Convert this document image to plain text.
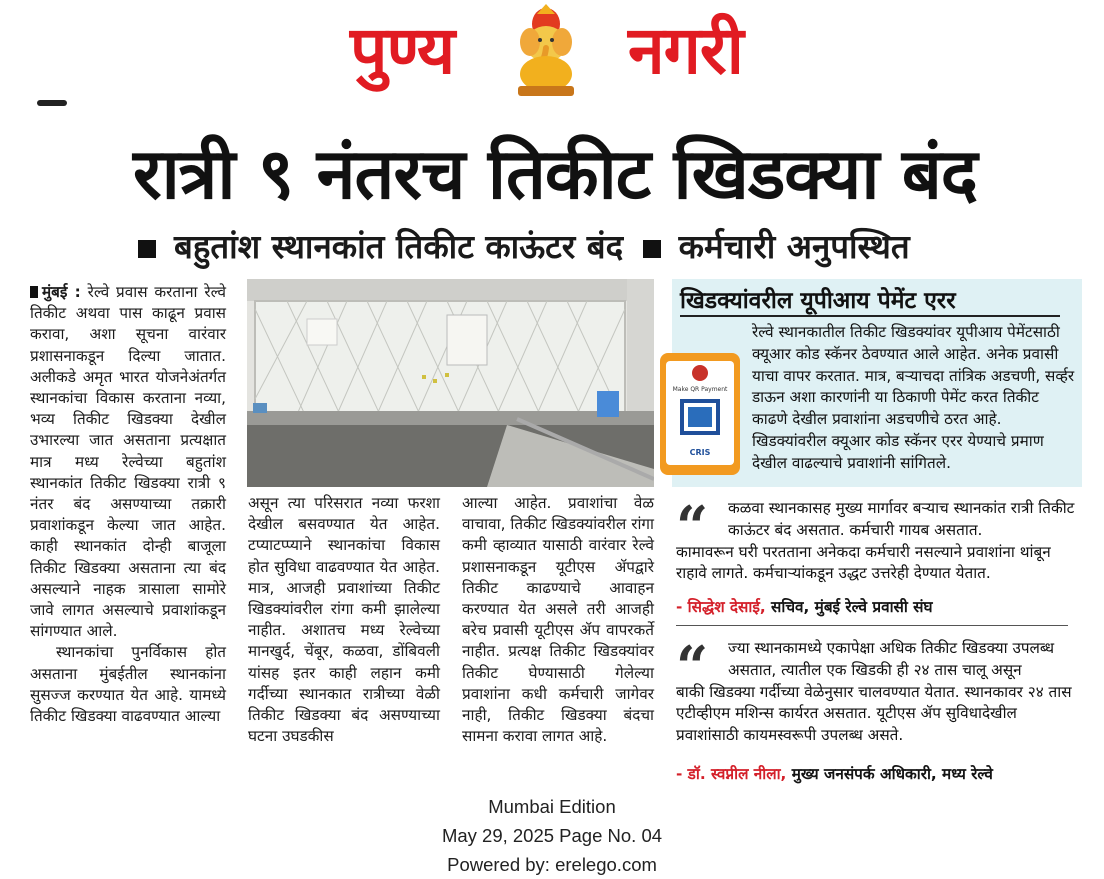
पुण्य	नगरी
रात्री ९ नंतरच तिकीट खिडक्या बंद
बहुतांश स्थानकांत तिकीट काऊंटर बंद कर्मचारी अनुपस्थित

मुंबई : रेल्वे प्रवास करताना रेल्वे तिकीट अथवा पास काढून प्रवास करावा, अशा सूचना वारंवार प्रशासनाकडून दिल्या जातात. अलीकडे अमृत भारत योजनेअंतर्गत स्थानकांचा विकास करताना नव्या, भव्य तिकीट खिडक्या देखील उभारल्या जात असताना प्रत्यक्षात मात्र मध्य रेल्वेच्या बहुतांश स्थानकांत तिकीट खिडक्या रात्री ९ नंतर बंद असण्याच्या तक्रारी प्रवाशांकडून केल्या जात आहेत. काही स्थानकांत दोन्ही बाजूला तिकीट खिडक्या असताना त्या बंद असल्याने नाहक त्रासाला सामोरे जावे लागत असल्याचे प्रवाशांकडून सांगण्यात आले.

स्थानकांचा पुनर्विकास होत असताना मुंबईतील स्थानकांना सुसज्ज करण्यात येत आहे. यामध्ये तिकीट खिडक्या वाढवण्यात आल्या

असून त्या परिसरात नव्या फरशा देखील बसवण्यात येत आहेत. टप्याटप्प्याने स्थानकांचा विकास होत सुविधा वाढवण्यात येत आहेत. मात्र, आजही प्रवाशांच्या तिकीट खिडक्यांवरील रांगा कमी झालेल्या नाहीत. अशातच मध्य रेल्वेच्या मानखुर्द, चेंबूर, कळवा, डोंबिवली यांसह इतर काही लहान कमी गर्दीच्या स्थानकात रात्रीच्या वेळी तिकीट खिडक्या बंद असण्याच्या घटना उघडकीस

आल्या आहेत. प्रवाशांचा वेळ वाचावा, तिकीट खिडक्यांवरील रांगा कमी व्हाव्यात यासाठी वारंवार रेल्वे प्रशासनाकडून यूटीएस ॲपद्वारे तिकीट काढण्याचे आवाहन करण्यात येत असले तरी आजही बरेच प्रवासी यूटीएस ॲप वापरकर्ते नाहीत. प्रत्यक्ष तिकीट खिडक्यांवर तिकीट घेण्यासाठी गेलेल्या प्रवाशांना कधी कर्मचारी जागेवर नाही, तिकीट खिडक्या बंदचा सामना करावा लागत आहे.

खिडक्यांवरील यूपीआय पेमेंट एरर
रेल्वे स्थानकातील तिकीट खिडक्यांवर यूपीआय पेमेंटसाठी क्यूआर कोड स्कॅनर ठेवण्यात आले आहेत. अनेक प्रवासी याचा वापर करतात. मात्र, बऱ्याचदा तांत्रिक अडचणी, सर्व्हर डाऊन अशा कारणांनी या ठिकाणी पेमेंट करत तिकीट काढणे देखील प्रवाशांना अडचणीचे ठरत आहे. खिडक्यांवरील क्यूआर कोड स्कॅनर एरर येण्याचे प्रमाण देखील वाढल्याचे प्रवाशांनी सांगितले.
Make QR Payment
CRIS
“ कळवा स्थानकासह मुख्य मार्गावर बऱ्याच स्थानकांत रात्री तिकीट काऊंटर बंद असतात. कर्मचारी गायब असतात.
कामावरून घरी परतताना अनेकदा कर्मचारी नसल्याने प्रवाशांना थांबून राहावे लागते. कर्मचाऱ्यांकडून उद्धट उत्तरेही देण्यात येतात.
- सिद्धेश देसाई, सचिव, मुंबई रेल्वे प्रवासी संघ
“ ज्या स्थानकामध्ये एकापेक्षा अधिक तिकीट खिडक्या उपलब्ध असतात, त्यातील एक खिडकी ही २४ तास चालू असून
बाकी खिडक्या गर्दीच्या वेळेनुसार चालवण्यात येतात. स्थानकावर २४ तास एटीव्हीएम मशिन्स कार्यरत असतात. यूटीएस ॲप सुविधादेखील प्रवाशांसाठी कायमस्वरूपी उपलब्ध असते.
- डॉ. स्वप्नील नीला, मुख्य जनसंपर्क अधिकारी, मध्य रेल्वे
Mumbai Edition
May 29, 2025 Page No. 04
Powered by: erelego.com
